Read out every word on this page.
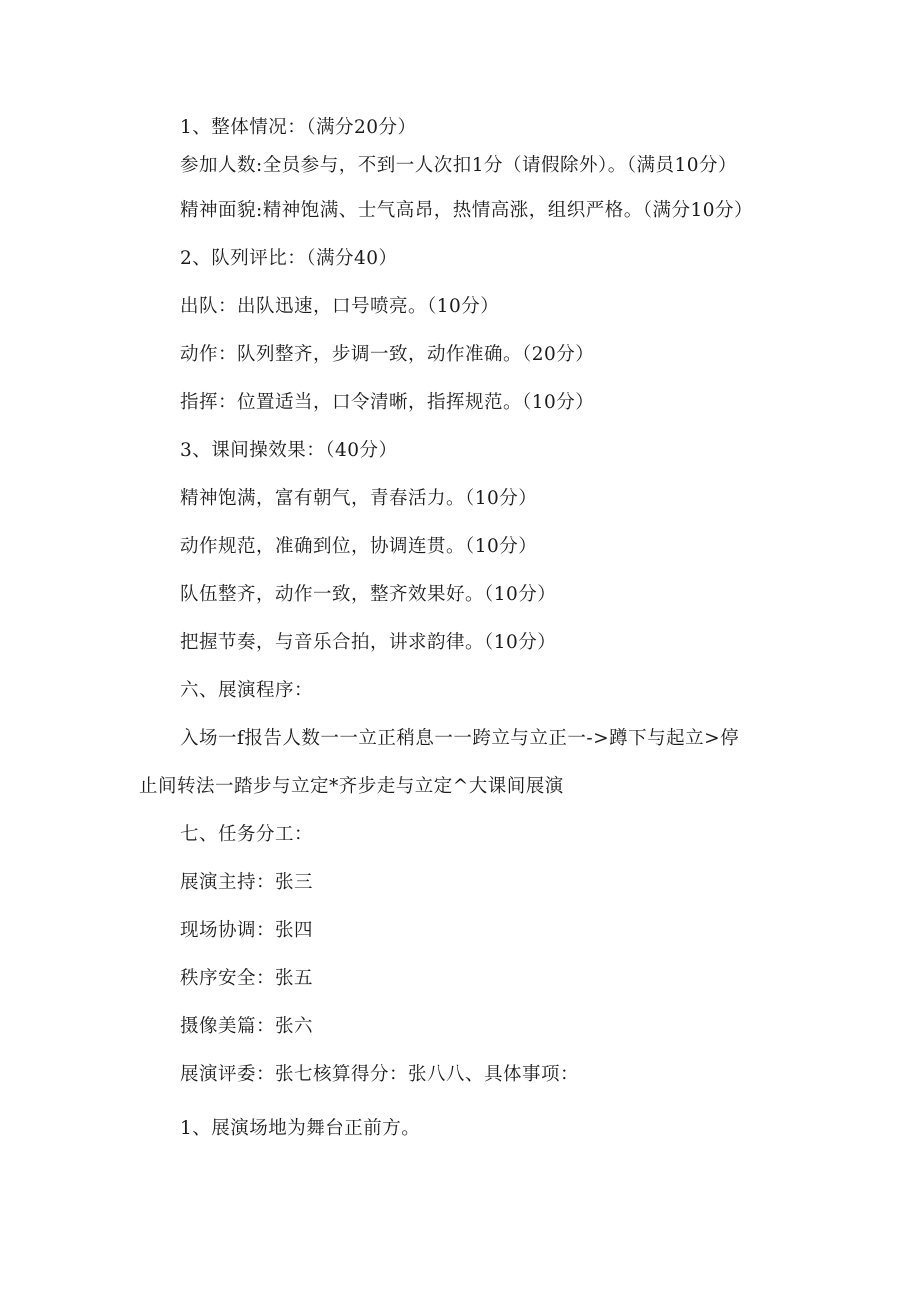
1、整体情况：（满分20分）
参加人数:全员参与，不到一人次扣1分（请假除外）。（满员10分）
精神面貌:精神饱满、士气高昂，热情高涨，组织严格。（满分10分）
2、队列评比：（满分40）
出队：出队迅速，口号喷亮。（10分）
动作：队列整齐，步调一致，动作准确。（20分）
指挥：位置适当，口令清晰，指挥规范。（10分）
3、课间操效果：（40分）
精神饱满，富有朝气，青春活力。（10分）
动作规范，准确到位，协调连贯。（10分）
队伍整齐，动作一致，整齐效果好。（10分）
把握节奏，与音乐合拍，讲求韵律。（10分）
六、展演程序：
入场一f报告人数一一立正稍息一一跨立与立正一->蹲下与起立>停
止间转法一踏步与立定*齐步走与立定^大课间展演
七、任务分工：
展演主持：张三
现场协调：张四
秩序安全：张五
摄像美篇：张六
展演评委：张七核算得分：张八八、具体事项：
1、展演场地为舞台正前方。
